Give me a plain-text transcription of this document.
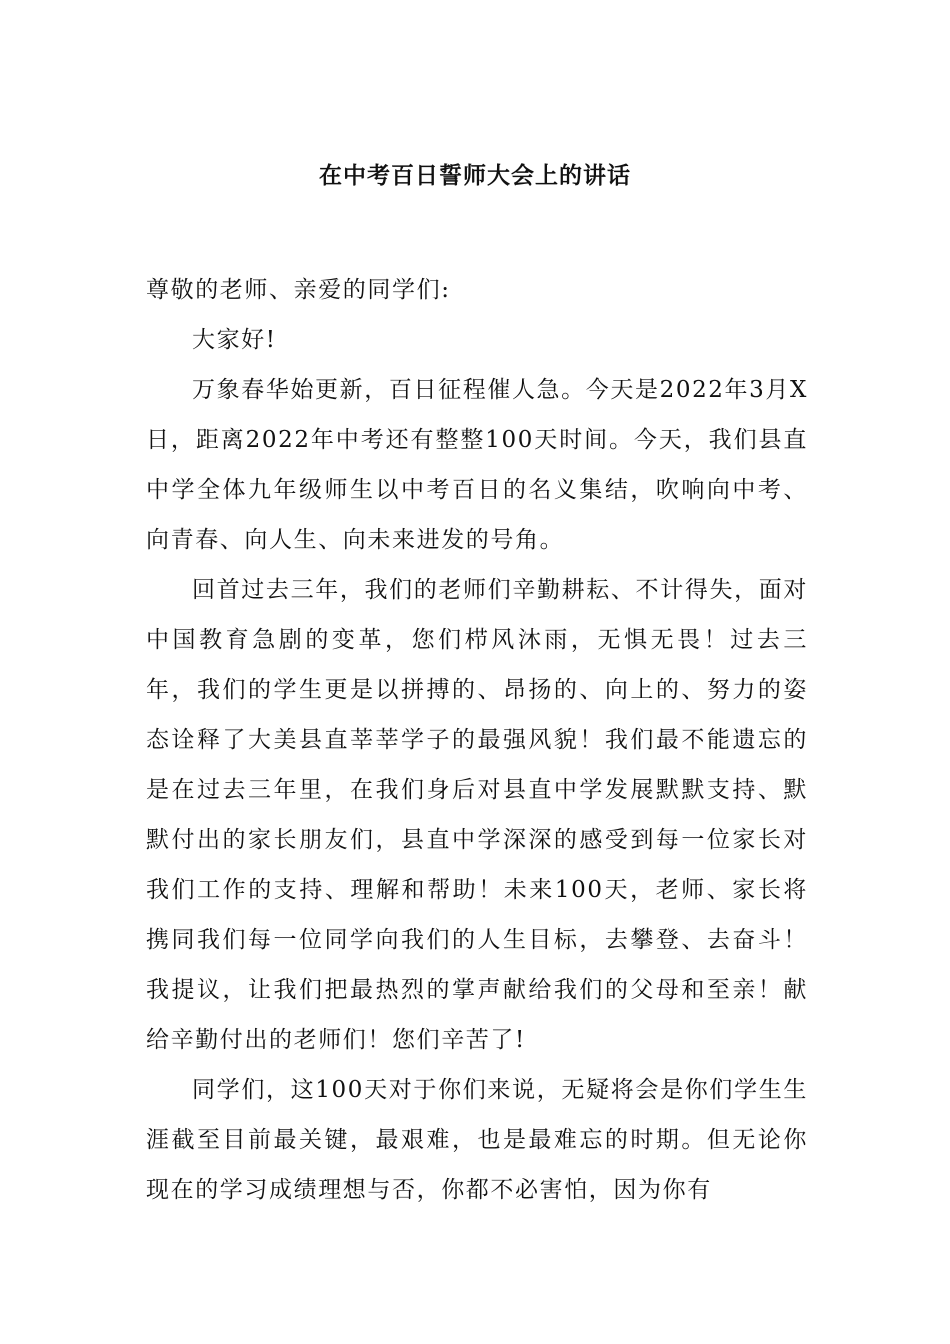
在中考百日誓师大会上的讲话

尊敬的老师、亲爱的同学们:

大家好!

万象春华始更新，百日征程催人急。今天是2022年3月X日，距离2022年中考还有整整100天时间。今天，我们县直中学全体九年级师生以中考百日的名义集结，吹响向中考、向青春、向人生、向未来进发的号角。

回首过去三年，我们的老师们辛勤耕耘、不计得失，面对中国教育急剧的变革，您们栉风沐雨，无惧无畏！过去三年，我们的学生更是以拼搏的、昂扬的、向上的、努力的姿态诠释了大美县直莘莘学子的最强风貌！我们最不能遗忘的是在过去三年里，在我们身后对县直中学发展默默支持、默默付出的家长朋友们，县直中学深深的感受到每一位家长对我们工作的支持、理解和帮助！未来100天，老师、家长将携同我们每一位同学向我们的人生目标，去攀登、去奋斗！我提议，让我们把最热烈的掌声献给我们的父母和至亲！献给辛勤付出的老师们！您们辛苦了!

同学们，这100天对于你们来说，无疑将会是你们学生生涯截至目前最关键，最艰难，也是最难忘的时期。但无论你现在的学习成绩理想与否，你都不必害怕，因为你有
